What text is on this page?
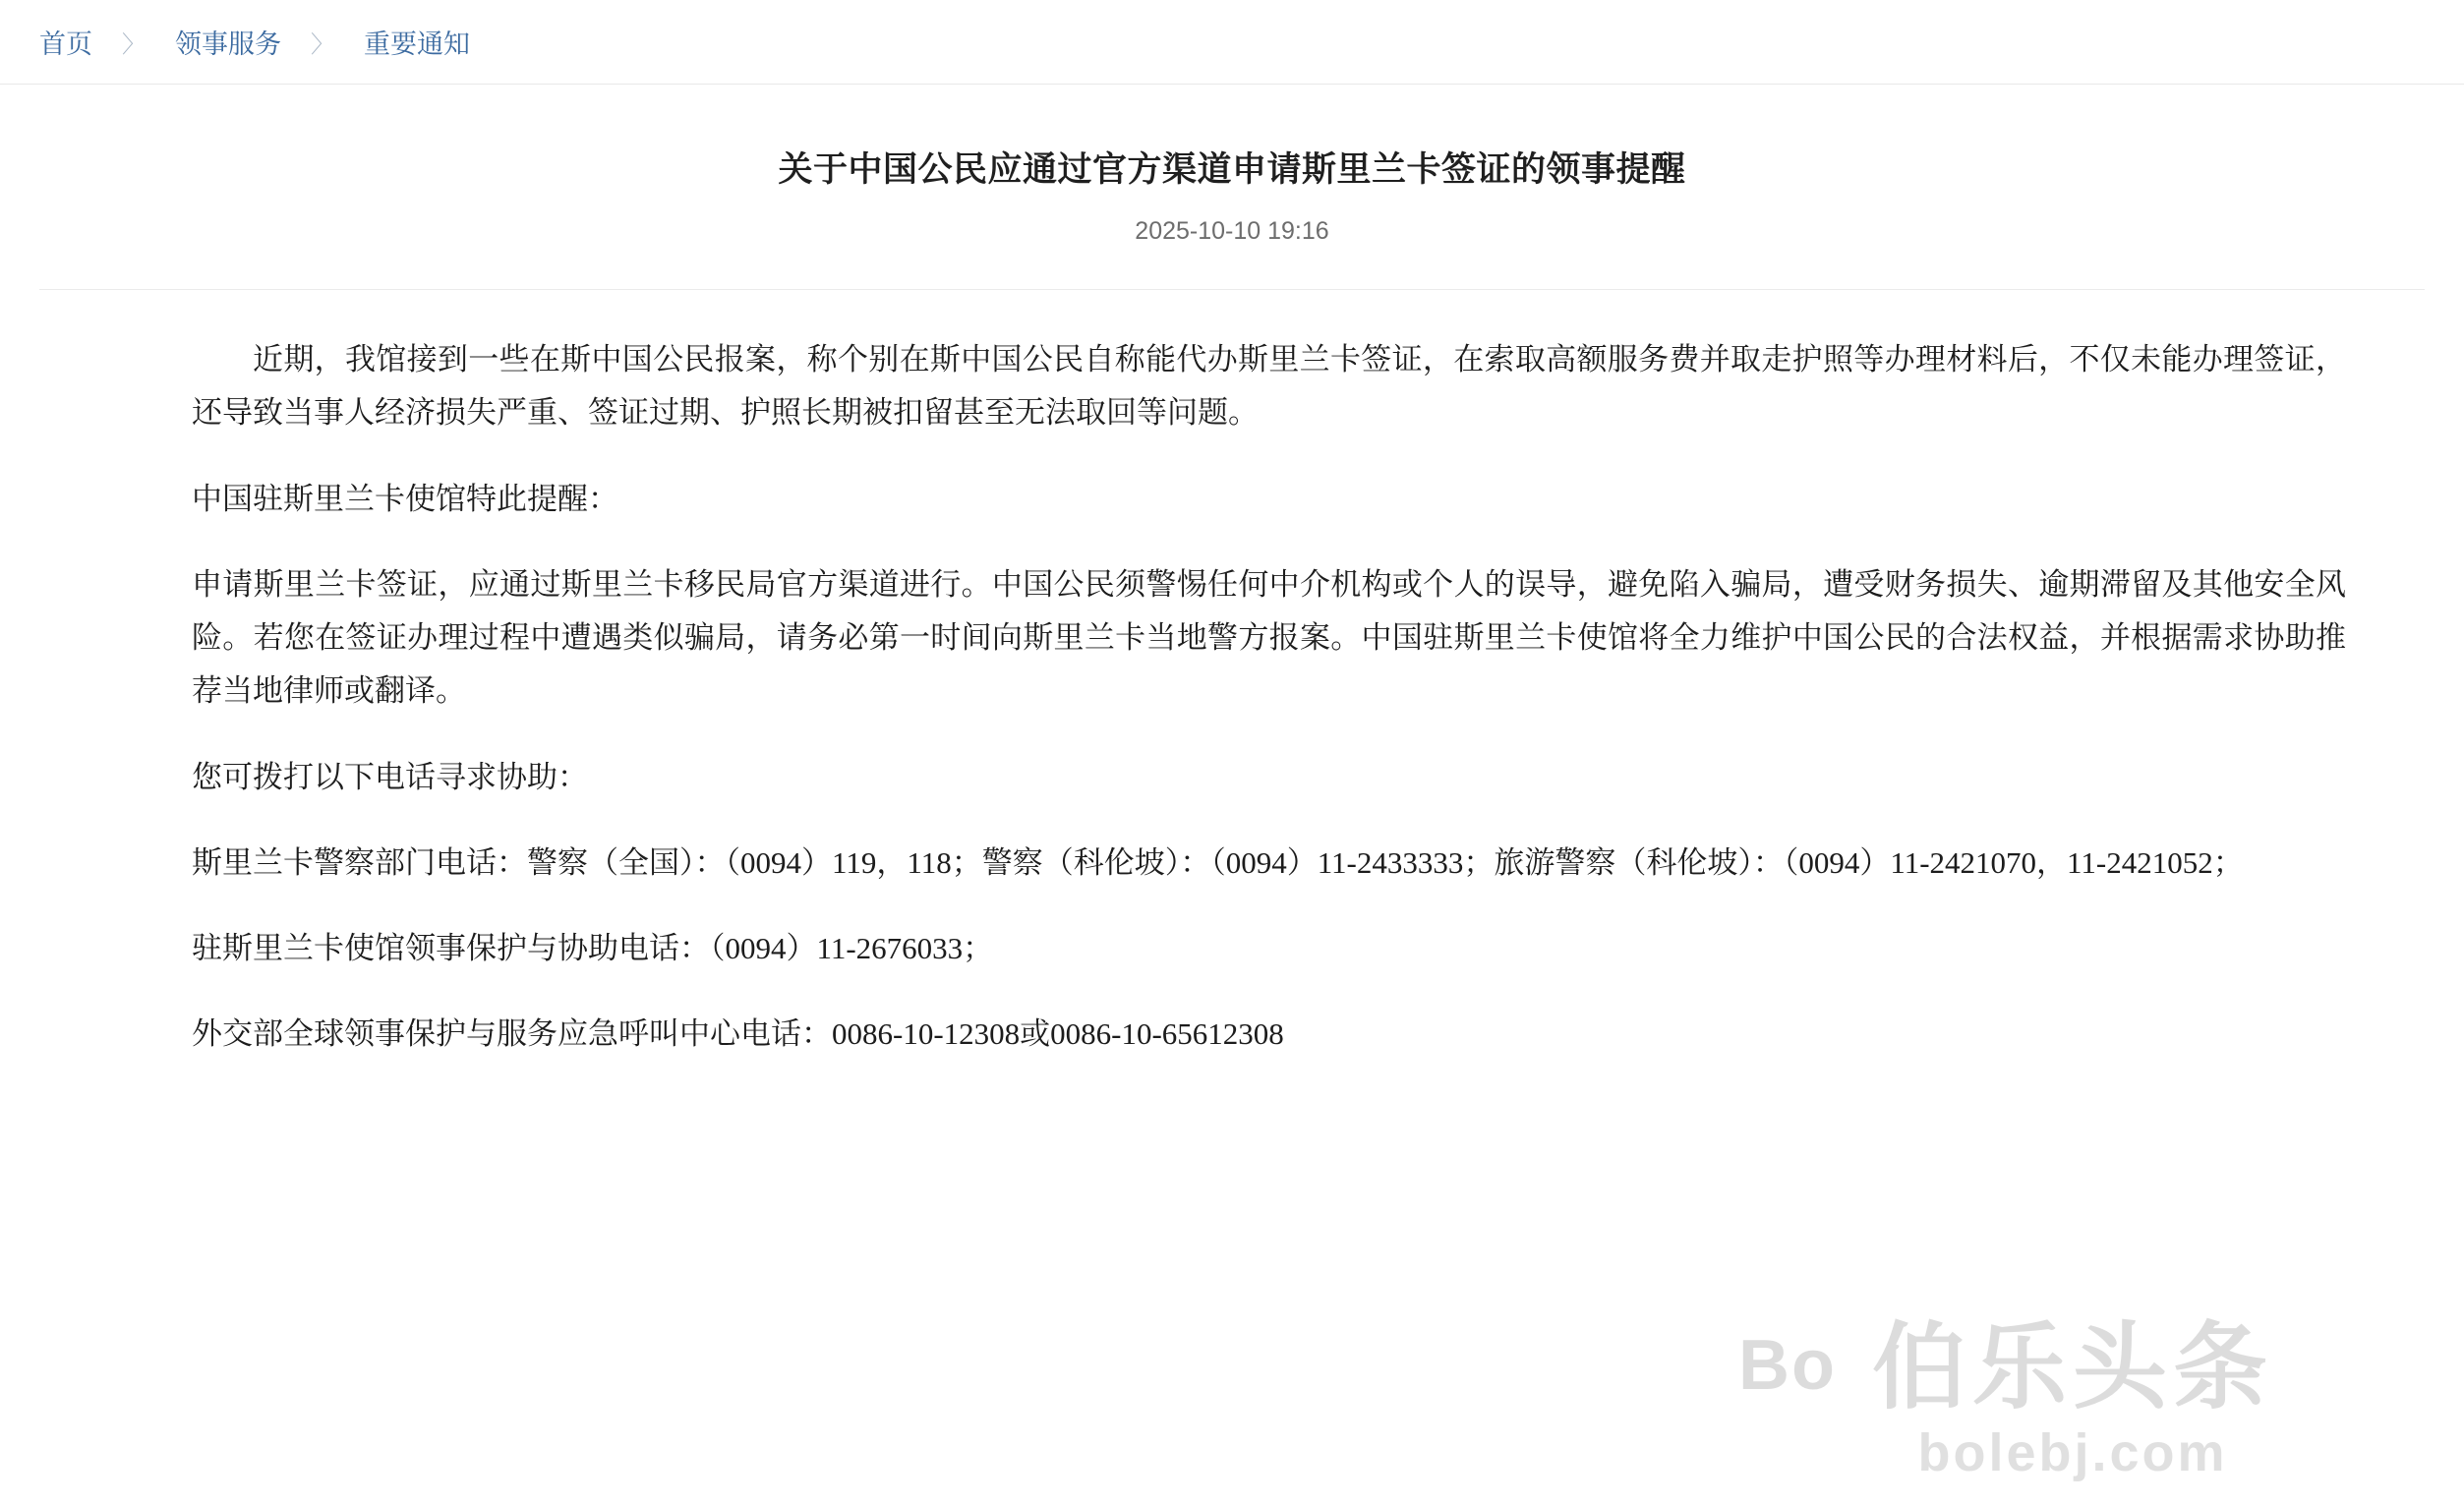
首页 〉 领事服务 〉 重要通知
关于中国公民应通过官方渠道申请斯里兰卡签证的领事提醒
2025-10-10 19:16

近期，我馆接到一些在斯中国公民报案，称个别在斯中国公民自称能代办斯里兰卡签证，在索取高额服务费并取走护照等办理材料后，不仅未能办理签证，还导致当事人经济损失严重、签证过期、护照长期被扣留甚至无法取回等问题。

中国驻斯里兰卡使馆特此提醒：

申请斯里兰卡签证，应通过斯里兰卡移民局官方渠道进行。中国公民须警惕任何中介机构或个人的误导，避免陷入骗局，遭受财务损失、逾期滞留及其他安全风险。若您在签证办理过程中遭遇类似骗局，请务必第一时间向斯里兰卡当地警方报案。中国驻斯里兰卡使馆将全力维护中国公民的合法权益，并根据需求协助推荐当地律师或翻译。

您可拨打以下电话寻求协助：

斯里兰卡警察部门电话：警察（全国）：（0094）119，118；警察（科伦坡）：（0094）11-2433333；旅游警察（科伦坡）：（0094）11-2421070，11-2421052；

驻斯里兰卡使馆领事保护与协助电话：（0094）11-2676033；

外交部全球领事保护与服务应急呼叫中心电话：0086-10-12308或0086-10-65612308

Bo 伯乐头条
bolebj.com
